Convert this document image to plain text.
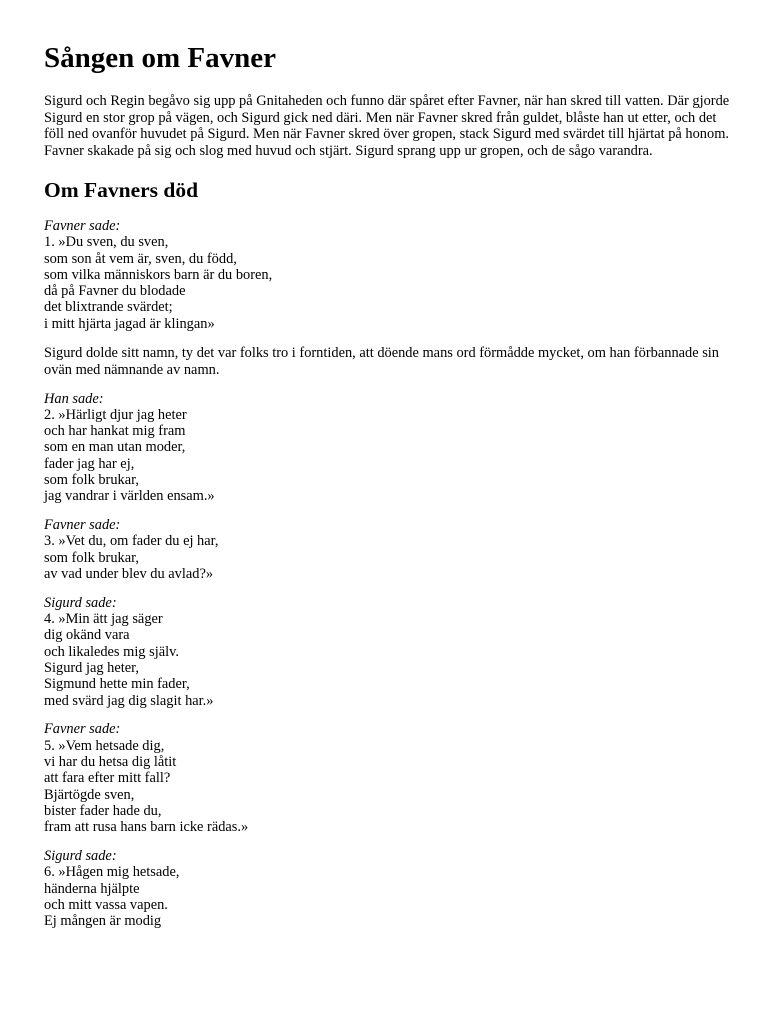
Sången om Favner

Sigurd och Regin begåvo sig upp på Gnitaheden och funno där spåret efter Favner, när han skred till vatten. Där gjorde Sigurd en stor grop på vägen, och Sigurd gick ned däri. Men när Favner skred från guldet, blåste han ut etter, och det föll ned ovanför huvudet på Sigurd. Men när Favner skred över gropen, stack Sigurd med svärdet till hjärtat på honom. Favner skakade på sig och slog med huvud och stjärt. Sigurd sprang upp ur gropen, och de sågo varandra.

Om Favners död
Favner sade:
1. »Du sven, du sven,
som son åt vem är, sven, du född,
som vilka människors barn är du boren,
då på Favner du blodade
det blixtrande svärdet;
i mitt hjärta jagad är klingan»

Sigurd dolde sitt namn, ty det var folks tro i forntiden, att döende mans ord förmådde mycket, om han förbannade sin ovän med nämnande av namn.

Han sade:
2. »Härligt djur jag heter
och har hankat mig fram
som en man utan moder,
fader jag har ej,
som folk brukar,
jag vandrar i världen ensam.»
Favner sade:
3. »Vet du, om fader du ej har,
som folk brukar,
av vad under blev du avlad?»
Sigurd sade:
4. »Min ätt jag säger
dig okänd vara
och likaledes mig själv.
Sigurd jag heter,
Sigmund hette min fader,
med svärd jag dig slagit har.»
Favner sade:
5. »Vem hetsade dig,
vi har du hetsa dig låtit
att fara efter mitt fall?
Bjärtögde sven,
bister fader hade du,
fram att rusa hans barn icke rädas.»
Sigurd sade:
6. »Hågen mig hetsade,
händerna hjälpte
och mitt vassa vapen.
Ej mången är modig
